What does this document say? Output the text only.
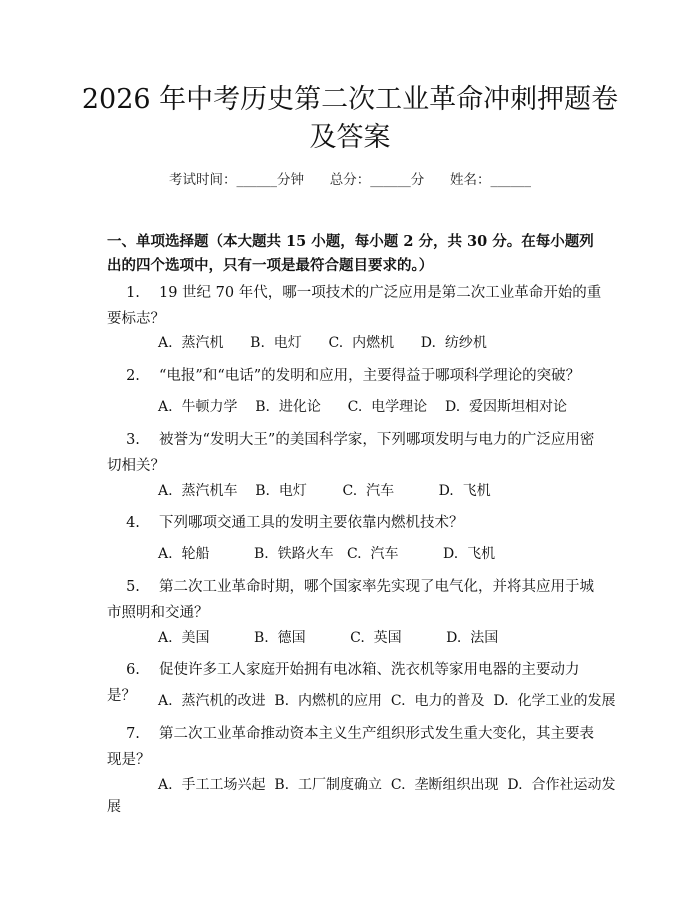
2026 年中考历史第二次工业革命冲刺押题卷
及答案
考试时间：______分钟      总分：______分      姓名：______
一、单项选择题（本大题共 15 小题，每小题 2 分，共 30 分。在每小题列出的四个选项中，只有一项是最符合题目要求的。）
1. 19 世纪 70 年代，哪一项技术的广泛应用是第二次工业革命开始的重要标志？
A.  蒸汽机      B.  电灯      C.  内燃机      D.  纺纱机
2. “电报”和“电话”的发明和应用，主要得益于哪项科学理论的突破？
A.  牛顿力学    B.  进化论      C.  电学理论    D.  爱因斯坦相对论
3. 被誉为“发明大王”的美国科学家，下列哪项发明与电力的广泛应用密切相关？
A.  蒸汽机车    B.  电灯        C.  汽车          D.  飞机
4. 下列哪项交通工具的发明主要依靠内燃机技术？
A.  轮船          B.  铁路火车   C.  汽车          D.  飞机
5. 第二次工业革命时期，哪个国家率先实现了电气化，并将其应用于城市照明和交通？
A.  美国          B.  德国          C.  英国          D.  法国
6. 促使许多工人家庭开始拥有电冰箱、洗衣机等家用电器的主要动力是？	A.  蒸汽机的改进  B.  内燃机的应用  C.  电力的普及  D.  化学工业的发展
7. 第二次工业革命推动资本主义生产组织形式发生重大变化，其主要表现是？
A.  手工工场兴起  B.  工厂制度确立  C.  垄断组织出现  D.  合作社运动发
展
